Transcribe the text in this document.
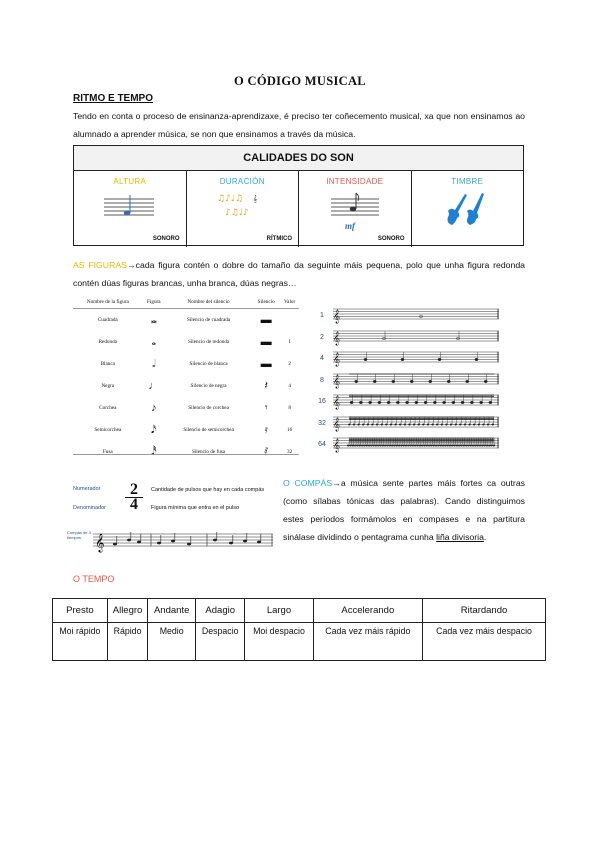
O CÓDIGO MUSICAL
RITMO E TEMPO
Tendo en conta o proceso de ensinanza-aprendizaxe, é preciso ter coñecemento musical, xa que non ensinamos ao alumnado a aprender música, se non que ensinamos a través da música.
CALIDADES DO SON
ALTURA
SONORO
DURACIÓN
♫♪♩♫
♪♫♩♪
𝄞
RÍTMICO
INTENSIDADE
mf
SONORO
TIMBRE
AS FIGURAS→cada figura contén o dobre do tamaño da seguinte máis pequena, polo que unha figura redonda contén dúas figuras brancas, unha branca, dúas negras…
Nombre de la figura	Figura	Nombre del silencio	Silencio	Valor
Cuadrada	𝅜	Silencio de cuadrada	▬	
Redonda	𝅝	Silencio de redonda	▬	1
Blanca	𝅗𝅥	Silencio de blanca	▬	2
Negra	♩	Silencio de negra	𝄽	4
Corchea	♪	Silencio de corchea	𝄾	8
Semicorchea	𝅘𝅥𝅯	Silencio de semicorchea	𝄿	16
Fusa	𝅘𝅥𝅰	Silencio de fusa	𝅀	32
1 𝄞
2 𝄞
4 𝄞
8 𝄞
16 𝄞
32 𝄞
64 𝄞
Numerador
Denominador
2
4
Cantidade de pulsos que hay en cada compás
Figura mínima que entra en el pulso
Compás de 4 tiempos 𝄞
O COMPÁS→a música sente partes máis fortes ca outras (como sílabas tónicas das palabras). Cando distinguimos estes períodos formámolos en compases e na partitura sinálase dividindo o pentagrama cunha liña divisoria.
O TEMPO
Presto	Allegro	Andante	Adagio	Largo	Accelerando	Ritardando
Moi rápido	Rápido	Medio	Despacio	Moi despacio	Cada vez máis rápido	Cada vez máis despacio
